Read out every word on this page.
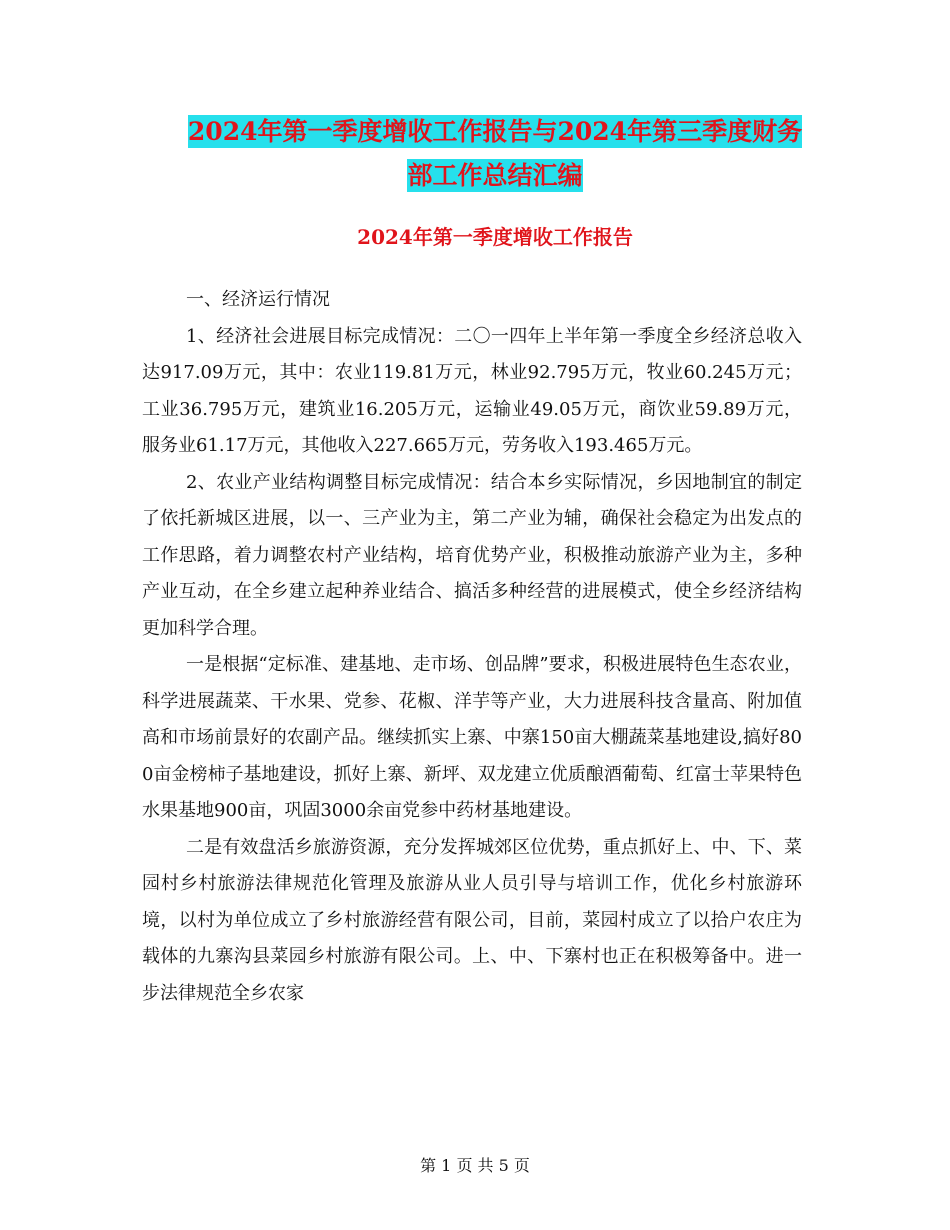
2024年第一季度增收工作报告与2024年第三季度财务
部工作总结汇编
2024年第一季度增收工作报告

一、经济运行情况

1、经济社会进展目标完成情况：二〇一四年上半年第一季度全乡经济总收入达917.09万元，其中：农业119.81万元，林业92.795万元，牧业60.245万元；工业36.795万元，建筑业16.205万元，运输业49.05万元，商饮业59.89万元，服务业61.17万元，其他收入227.665万元，劳务收入193.465万元。

2、农业产业结构调整目标完成情况：结合本乡实际情况，乡因地制宜的制定了依托新城区进展，以一、三产业为主，第二产业为辅，确保社会稳定为出发点的工作思路，着力调整农村产业结构，培育优势产业，积极推动旅游产业为主，多种产业互动，在全乡建立起种养业结合、搞活多种经营的进展模式，使全乡经济结构更加科学合理。

一是根据“定标准、建基地、走市场、创品牌”要求，积极进展特色生态农业，科学进展蔬菜、干水果、党参、花椒、洋芋等产业，大力进展科技含量高、附加值高和市场前景好的农副产品。继续抓实上寨、中寨150亩大棚蔬菜基地建设,搞好800亩金榜柿子基地建设，抓好上寨、新坪、双龙建立优质酿酒葡萄、红富士苹果特色水果基地900亩，巩固3000余亩党参中药材基地建设。

二是有效盘活乡旅游资源，充分发挥城郊区位优势，重点抓好上、中、下、菜园村乡村旅游法律规范化管理及旅游从业人员引导与培训工作，优化乡村旅游环境，以村为单位成立了乡村旅游经营有限公司，目前，菜园村成立了以拾户农庄为载体的九寨沟县菜园乡村旅游有限公司。上、中、下寨村也正在积极筹备中。进一步法律规范全乡农家

第 1 页 共 5 页
